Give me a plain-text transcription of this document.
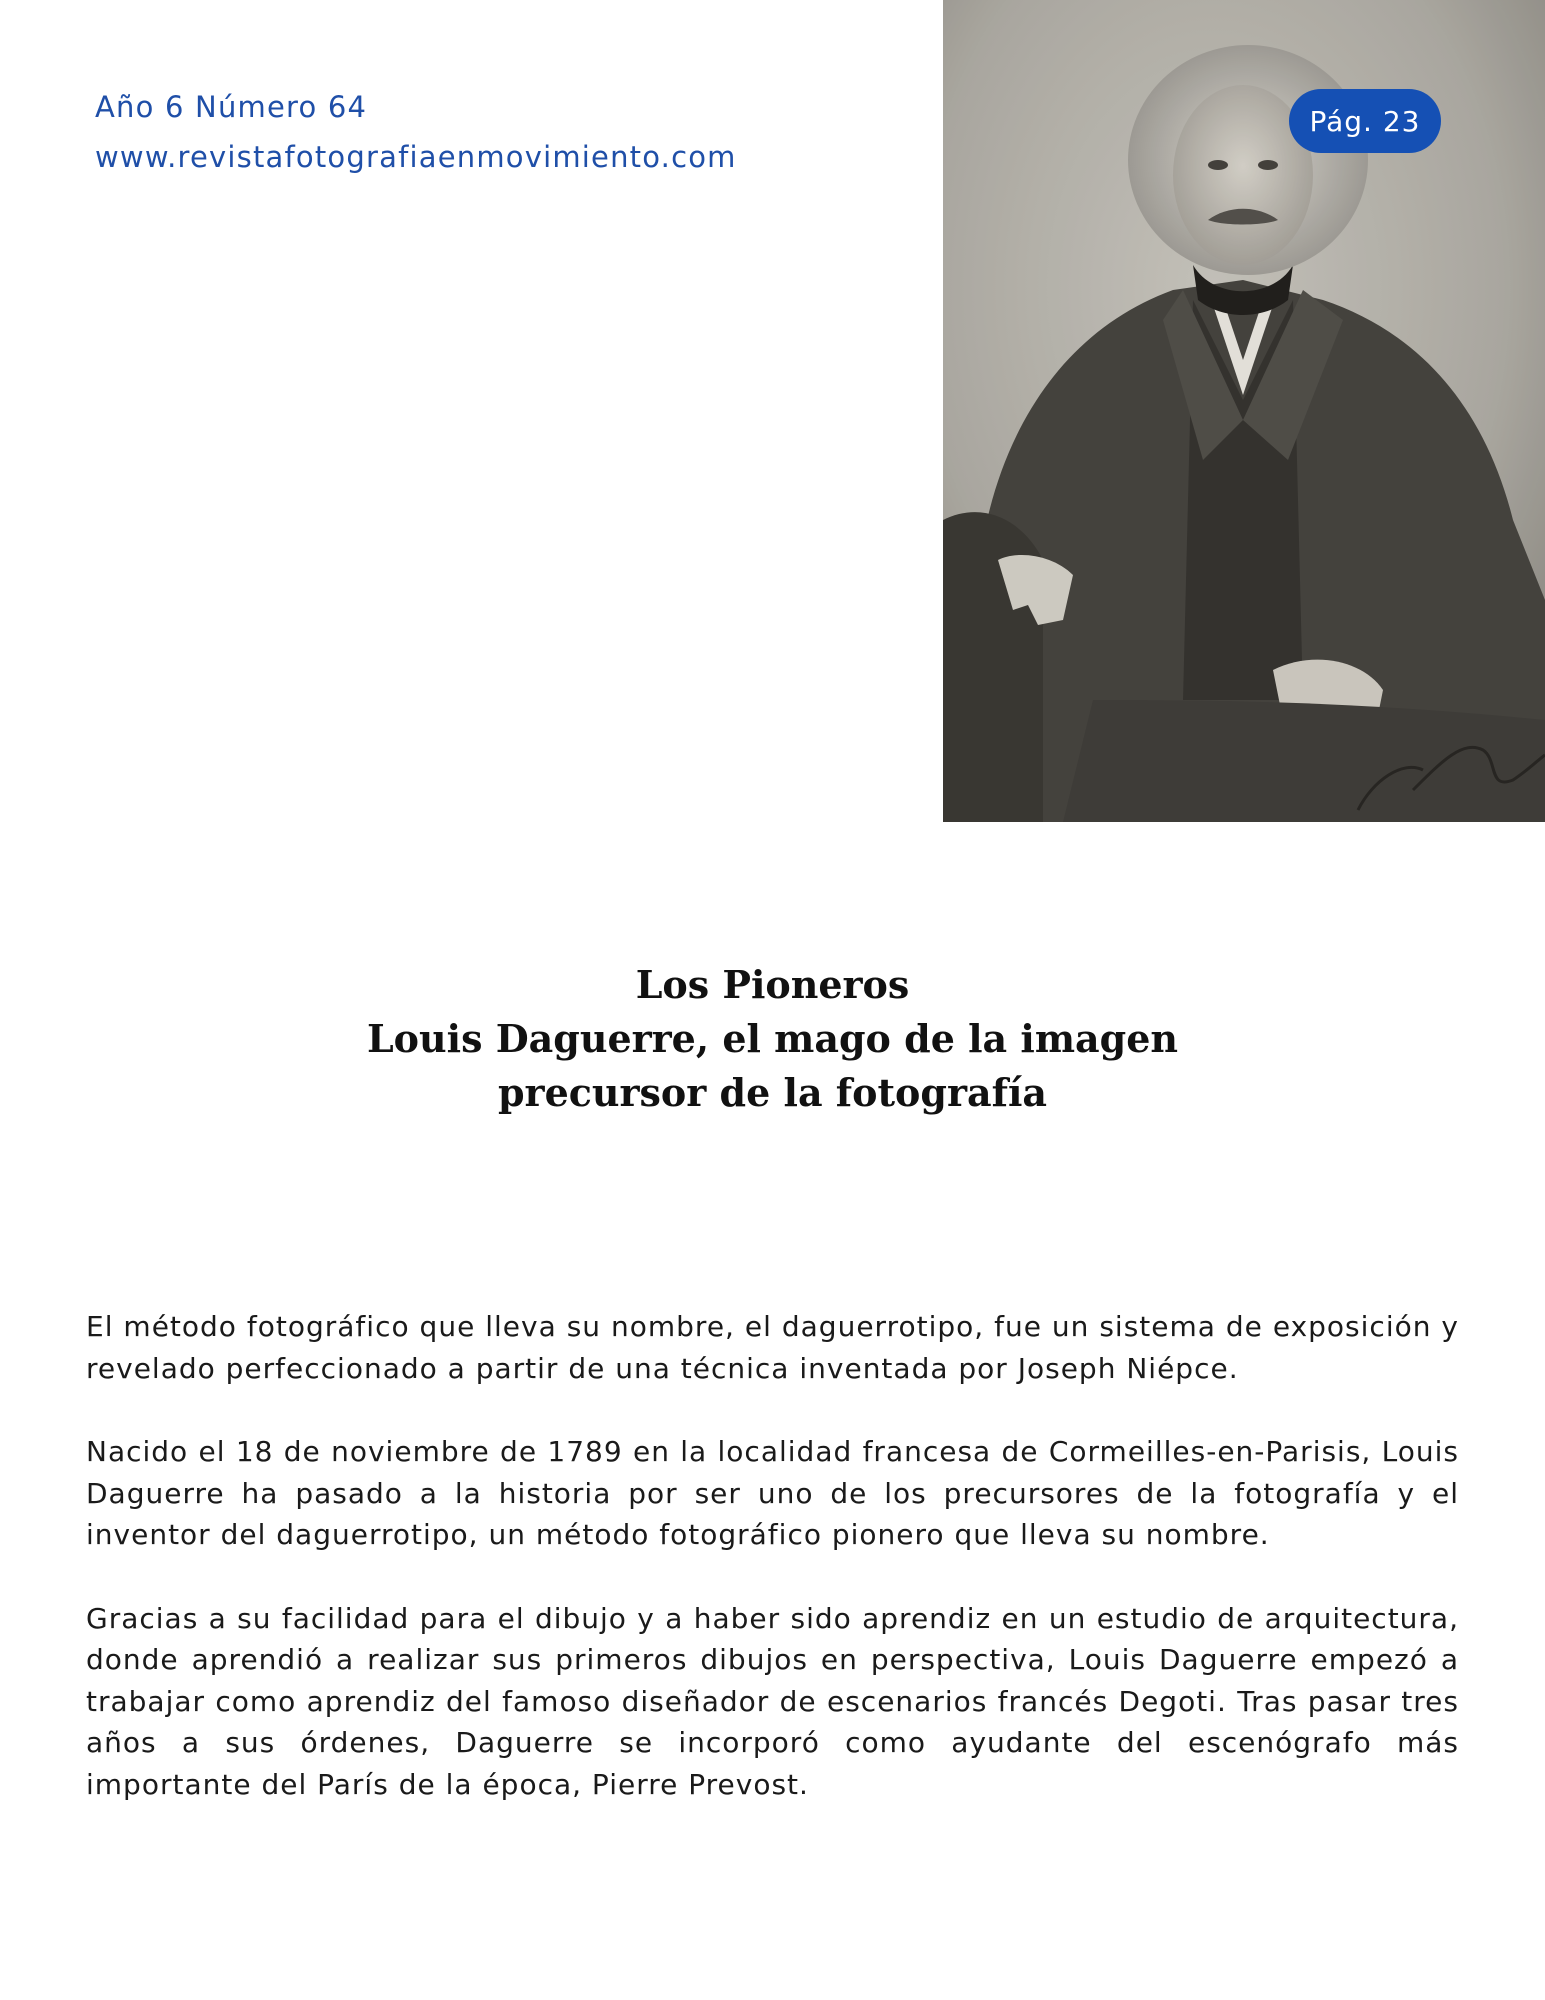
Año 6 Número 64
www.revistafotografiaenmovimiento.com
Pág. 23
Los Pioneros
Louis Daguerre, el mago de la imagen
precursor de la fotografía

El método fotográfico que lleva su nombre, el daguerrotipo, fue un sistema de exposición y revelado perfeccionado a partir de una técnica inventada por Joseph Niépce.

Nacido el 18 de noviembre de 1789 en la localidad francesa de Cormeilles-en-Parisis, Louis Daguerre ha pasado a la historia por ser uno de los precursores de la fotografía y el inventor del daguerrotipo, un método fotográfico pionero que lleva su nombre.

Gracias a su facilidad para el dibujo y a haber sido aprendiz en un estudio de arquitectura, donde aprendió a realizar sus primeros dibujos en perspectiva, Louis Daguerre empezó a trabajar como aprendiz del famoso diseñador de escenarios francés Degoti. Tras pasar tres años a sus órdenes, Daguerre se incorporó como ayudante del escenógrafo más importante del París de la época, Pierre Prevost.
